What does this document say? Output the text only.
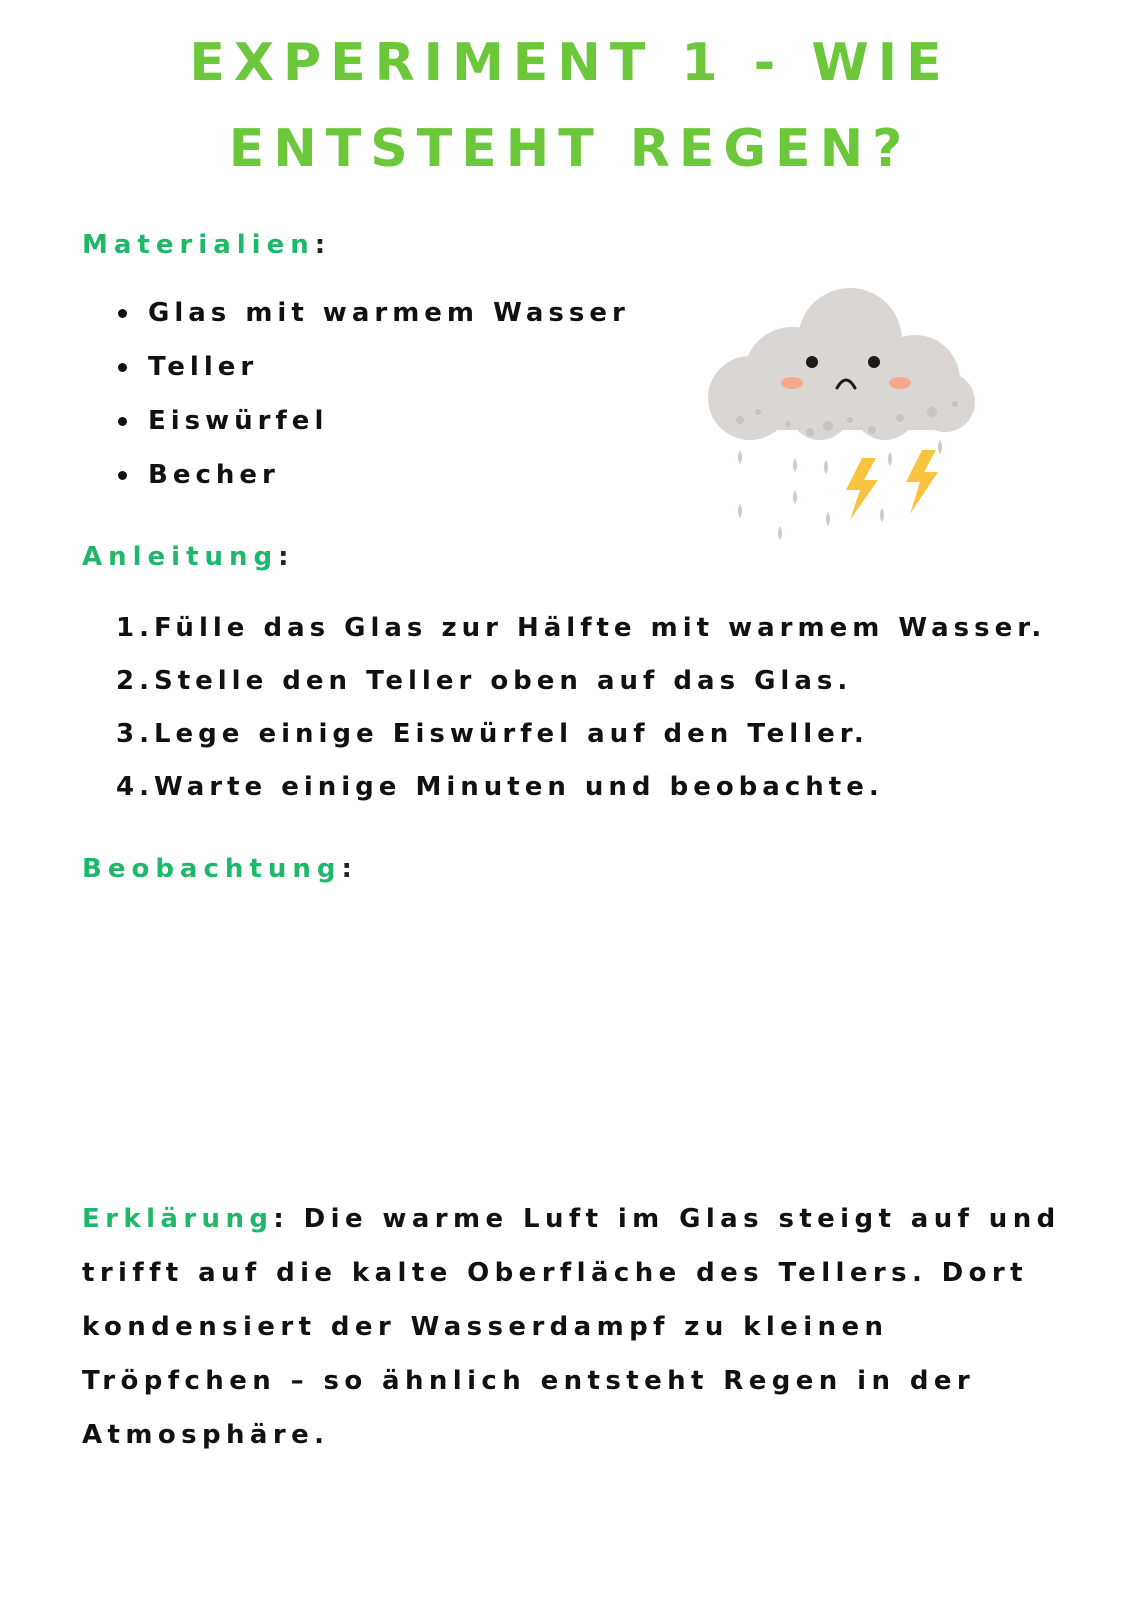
EXPERIMENT 1 - WIE ENTSTEHT REGEN?
Materialien:
Glas mit warmem Wasser
Teller
Eiswürfel
Becher
Anleitung:
1.Fülle das Glas zur Hälfte mit warmem Wasser.
2.Stelle den Teller oben auf das Glas.
3.Lege einige Eiswürfel auf den Teller.
4.Warte einige Minuten und beobachte.
Beobachtung:

Erklärung: Die warme Luft im Glas steigt auf und trifft auf die kalte Oberfläche des Tellers. Dort kondensiert der Wasserdampf zu kleinen Tröpfchen – so ähnlich entsteht Regen in der Atmosphäre.
